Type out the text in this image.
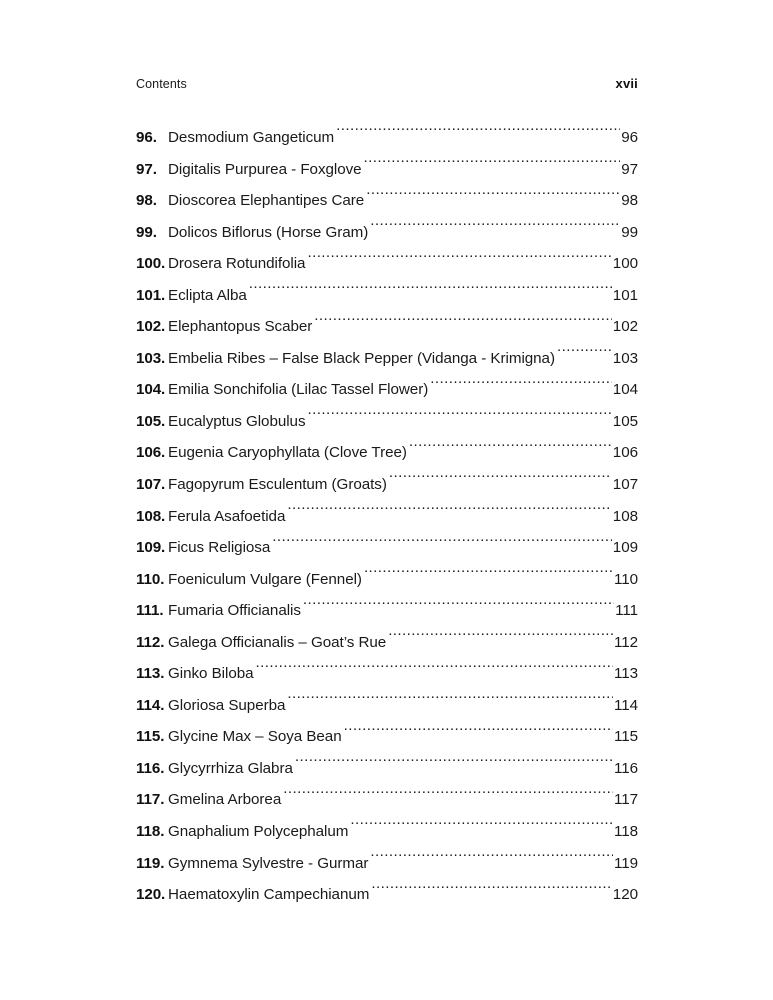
Contents	xvii
96. Desmodium Gangeticum .....	96
97. Digitalis Purpurea - Foxglove .....	97
98. Dioscorea Elephantipes Care .....	98
99. Dolicos Biflorus (Horse Gram) .....	99
100. Drosera Rotundifolia .....	100
101. Eclipta Alba .....	101
102. Elephantopus Scaber .....	102
103. Embelia Ribes – False Black Pepper (Vidanga - Krimigna) .....	103
104. Emilia Sonchifolia (Lilac Tassel Flower) .....	104
105. Eucalyptus Globulus .....	105
106. Eugenia Caryophyllata (Clove Tree) .....	106
107. Fagopyrum Esculentum (Groats) .....	107
108. Ferula Asafoetida .....	108
109. Ficus Religiosa .....	109
110. Foeniculum Vulgare (Fennel) .....	110
111. Fumaria Officianalis .....	111
112. Galega Officianalis – Goat’s Rue .....	112
113. Ginko Biloba .....	113
114. Gloriosa Superba .....	114
115. Glycine Max – Soya Bean .....	115
116. Glycyrrhiza Glabra .....	116
117. Gmelina Arborea .....	117
118. Gnaphalium Polycephalum .....	118
119. Gymnema Sylvestre - Gurmar .....	119
120. Haematoxylin Campechianum .....	120
